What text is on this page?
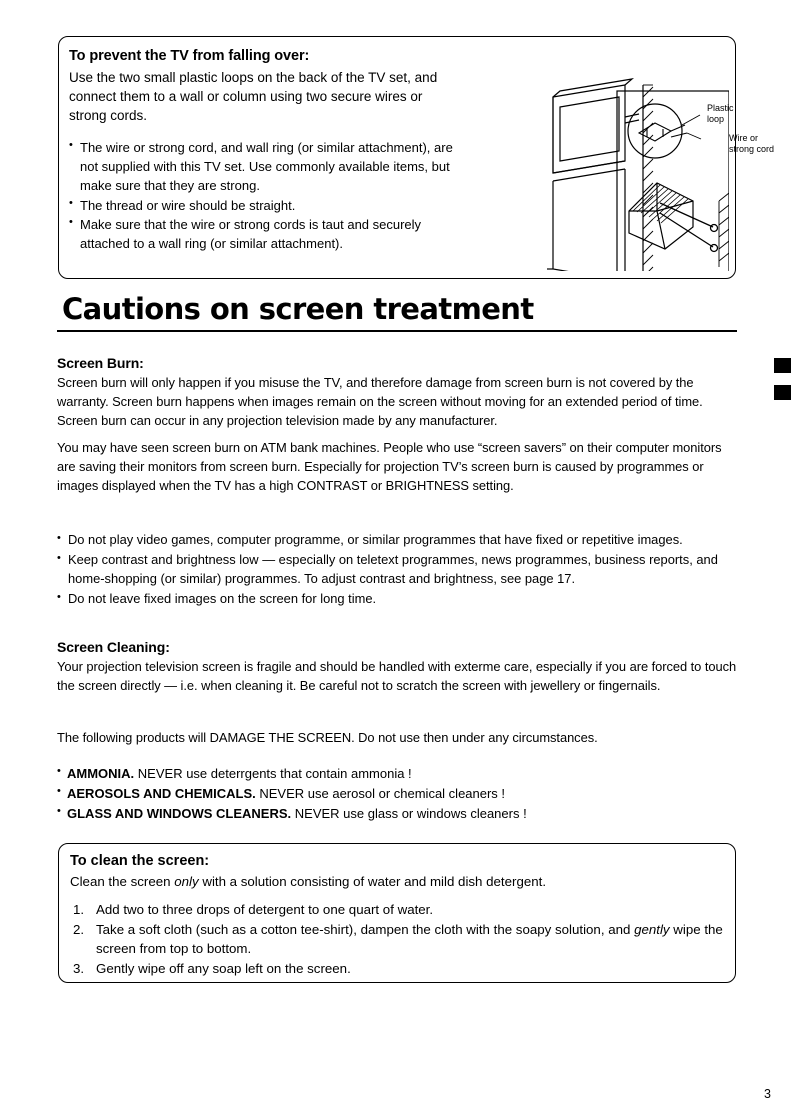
To prevent the TV from falling over:
Use the two small plastic loops on the back of the TV set, and connect them to a wall or column using two secure wires or strong cords.
• The wire or strong cord, and wall ring (or similar attachment), are not supplied with this TV set. Use commonly available items, but make sure that they are strong.
• The thread or wire should be straight.
• Make sure that the wire or strong cords is taut and securely attached to a wall ring (or similar attachment).
Plastic loop
Wire or strong cord
Cautions on screen treatment
Screen Burn:
Screen burn will only happen if you misuse the TV, and therefore damage from screen burn is not covered by the warranty. Screen burn happens when images remain on the screen without moving for an extended period of time. Screen burn can occur in any projection television made by any manufacturer.
You may have seen screen burn on ATM bank machines. People who use “screen savers” on their computer monitors are saving their monitors from screen burn. Especially for projection TV’s screen burn is caused by programmes or images displayed when the TV has a high CONTRAST or BRIGHTNESS setting.
• Do not play video games, computer programme, or similar programmes that have fixed or repetitive images.
• Keep contrast and brightness low — especially on teletext programmes, news programmes, business reports, and home-shopping (or similar) programmes. To adjust contrast and brightness, see page 17.
• Do not leave fixed images on the screen for long time.
Screen Cleaning:
Your projection television screen is fragile and should be handled with exterme care, especially if you are forced to touch the screen directly — i.e. when cleaning it. Be careful not to scratch the screen with jewellery or fingernails.
The following products will DAMAGE THE SCREEN. Do not use then under any circumstances.
• AMMONIA. NEVER use deterrgents that contain ammonia !
• AEROSOLS AND CHEMICALS. NEVER use aerosol or chemical cleaners !
• GLASS AND WINDOWS CLEANERS. NEVER use glass or windows cleaners !
To clean the screen:
Clean the screen only with a solution consisting of water and mild dish detergent.
1. Add two to three drops of detergent to one quart of water.
2. Take a soft cloth (such as a cotton tee-shirt), dampen the cloth with the soapy solution, and gently wipe the screen from top to bottom.
3. Gently wipe off any soap left on the screen.
3
